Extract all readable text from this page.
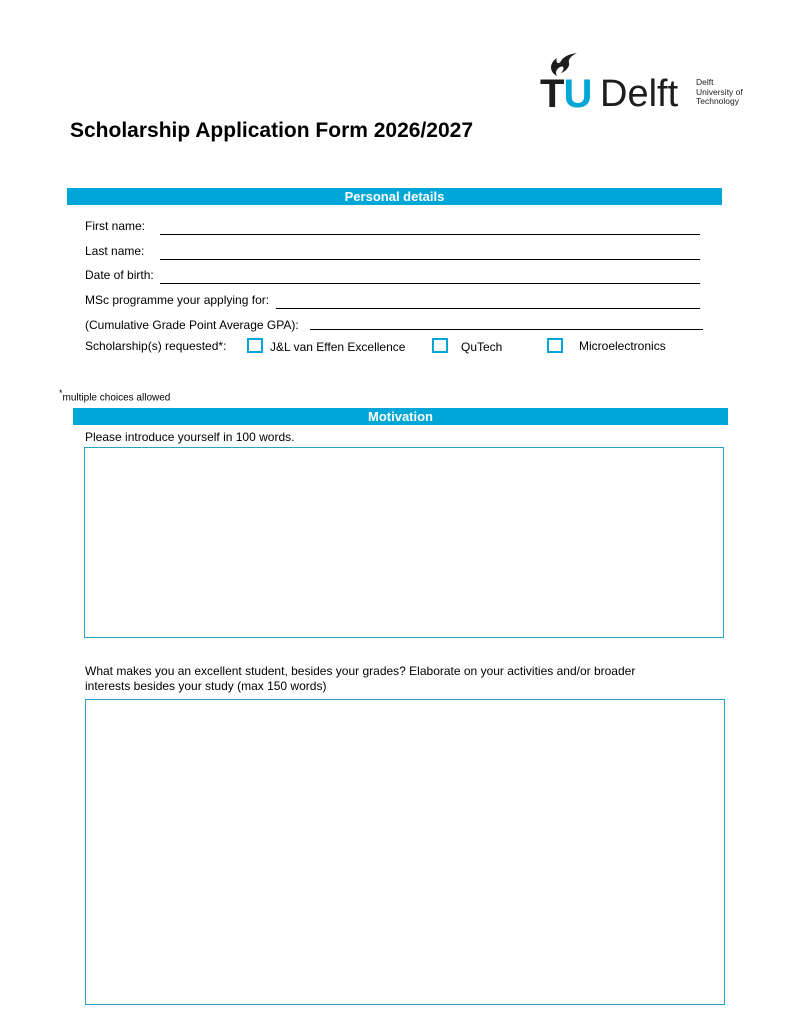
TU Delft Delft
University of
Technology
Scholarship Application Form 2026/2027
Personal details
First name:
Last name:
Date of birth:
MSc programme your applying for:
(Cumulative Grade Point Average GPA):
Scholarship(s) requested*:	J&L van Effen Excellence	QuTech	Microelectronics
*multiple choices allowed
Motivation
Please introduce yourself in 100 words.
What makes you an excellent student, besides your grades? Elaborate on your activities and/or broader
interests besides your study (max 150 words)
